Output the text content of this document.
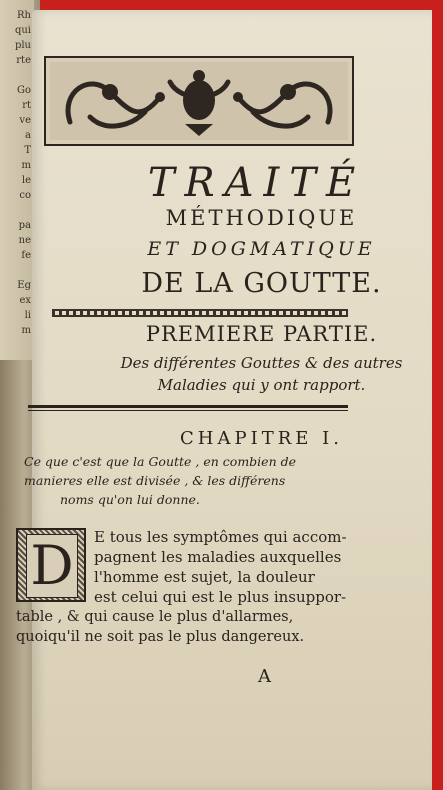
Rh
qui
plu
rte
Go
rt
ve
a
T
m
le
co
pa
ne
fe
Eg
ex
li
m
TRAITÉ
MÉTHODIQUE
ET DOGMATIQUE
DE LA GOUTTE.
PREMIERE PARTIE.
Des différentes Gouttes & des autres
Maladies qui y ont rapport.
CHAPITRE I.
Ce que c'est que la Goutte , en combien de
manieres elle est divisée , & les différens
noms qu'on lui donne.
D E tous les symptômes qui accom-
pagnent les maladies auxquelles
l'homme est sujet, la douleur
est celui qui est le plus insuppor-
table , & qui cause le plus d'allarmes,
quoiqu'il ne soit pas le plus dangereux.
A
